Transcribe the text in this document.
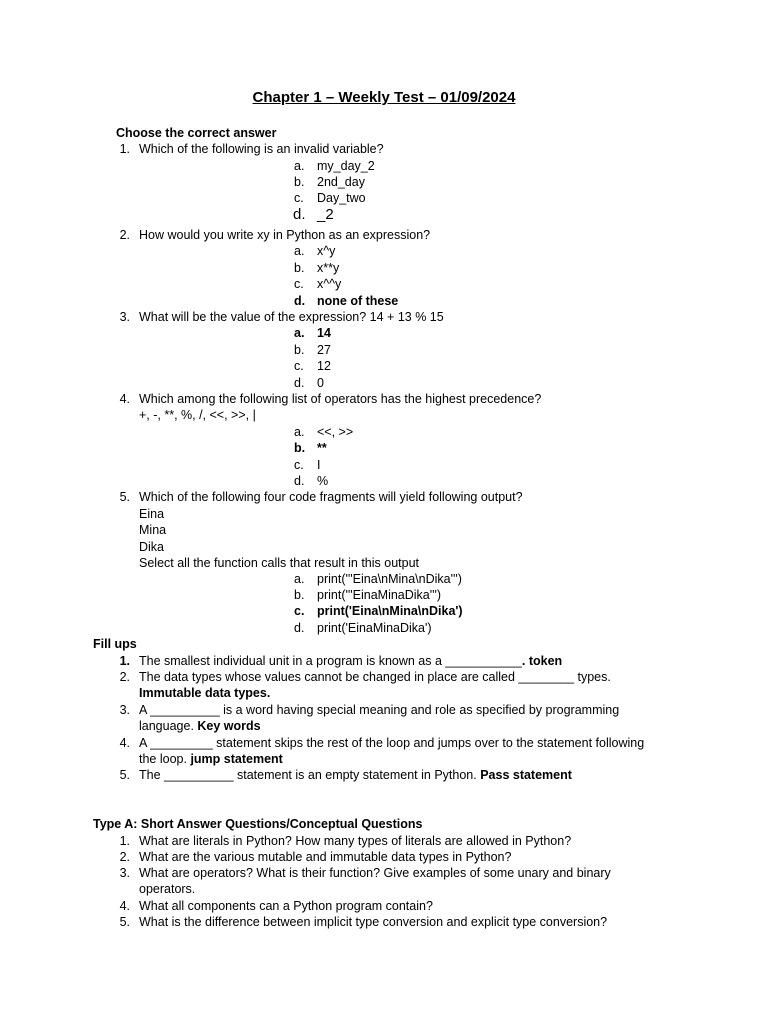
Chapter 1 – Weekly Test – 01/09/2024
Choose the correct answer
1. Which of the following is an invalid variable?
a. my_day_2
b. 2nd_day
c. Day_two
d. _2
2. How would you write xy in Python as an expression?
a. x^y
b. x**y
c. x^^y
d. none of these
3. What will be the value of the expression? 14 + 13 % 15
a. 14
b. 27
c. 12
d. 0
4. Which among the following list of operators has the highest precedence?
+, -, **, %, /, <<, >>, |
a. <<, >>
b. **
c. I
d. %
5. Which of the following four code fragments will yield following output?
Eina
Mina
Dika
Select all the function calls that result in this output
a. print('''Eina\nMina\nDika''')
b. print('''EinaMinaDika''')
c. print('Eina\nMina\nDika')
d. print('EinaMinaDika')
Fill ups
1. The smallest individual unit in a program is known as a ___________. token
2. The data types whose values cannot be changed in place are called ________ types.
Immutable data types.
3. A __________ is a word having special meaning and role as specified by programming
language. Key words
4. A _________ statement skips the rest of the loop and jumps over to the statement following
the loop. jump statement
5. The __________ statement is an empty statement in Python. Pass statement
Type A: Short Answer Questions/Conceptual Questions
1. What are literals in Python? How many types of literals are allowed in Python?
2. What are the various mutable and immutable data types in Python?
3. What are operators? What is their function? Give examples of some unary and binary
operators.
4. What all components can a Python program contain?
5. What is the difference between implicit type conversion and explicit type conversion?
